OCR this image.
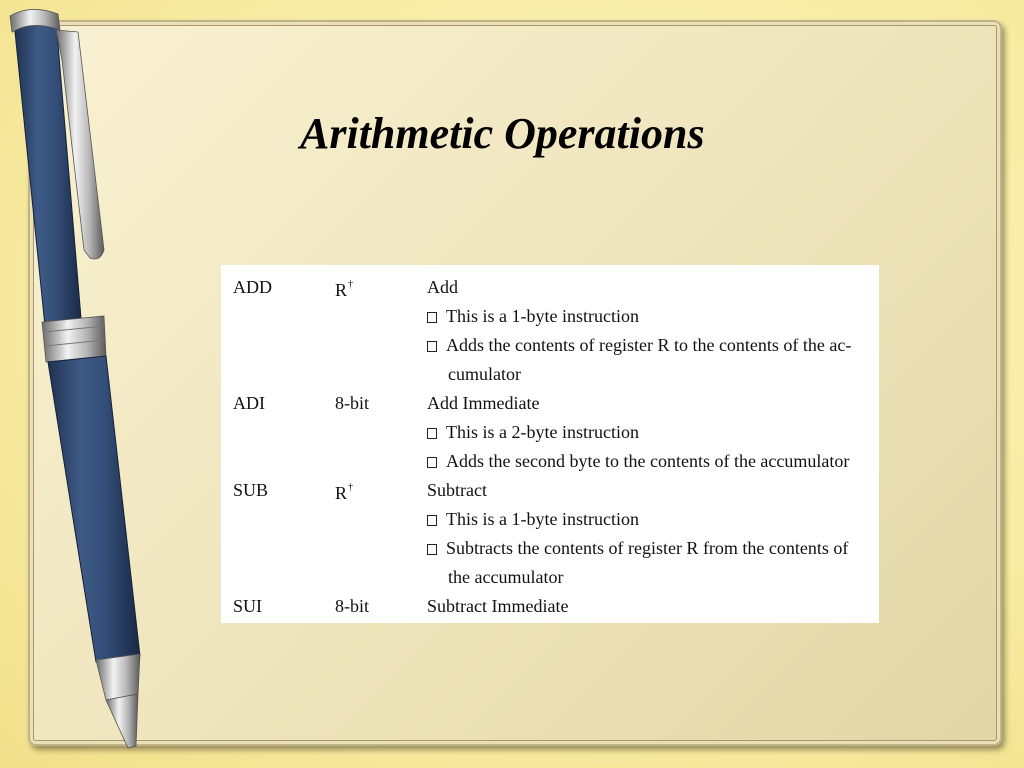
Arithmetic Operations
ADD	R†	Add
This is a 1-byte instruction
Adds the contents of register R to the contents of the ac-
cumulator
ADI	8-bit	Add Immediate
This is a 2-byte instruction
Adds the second byte to the contents of the accumulator
SUB	R†	Subtract
This is a 1-byte instruction
Subtracts the contents of register R from the contents of
the accumulator
SUI	8-bit	Subtract Immediate
